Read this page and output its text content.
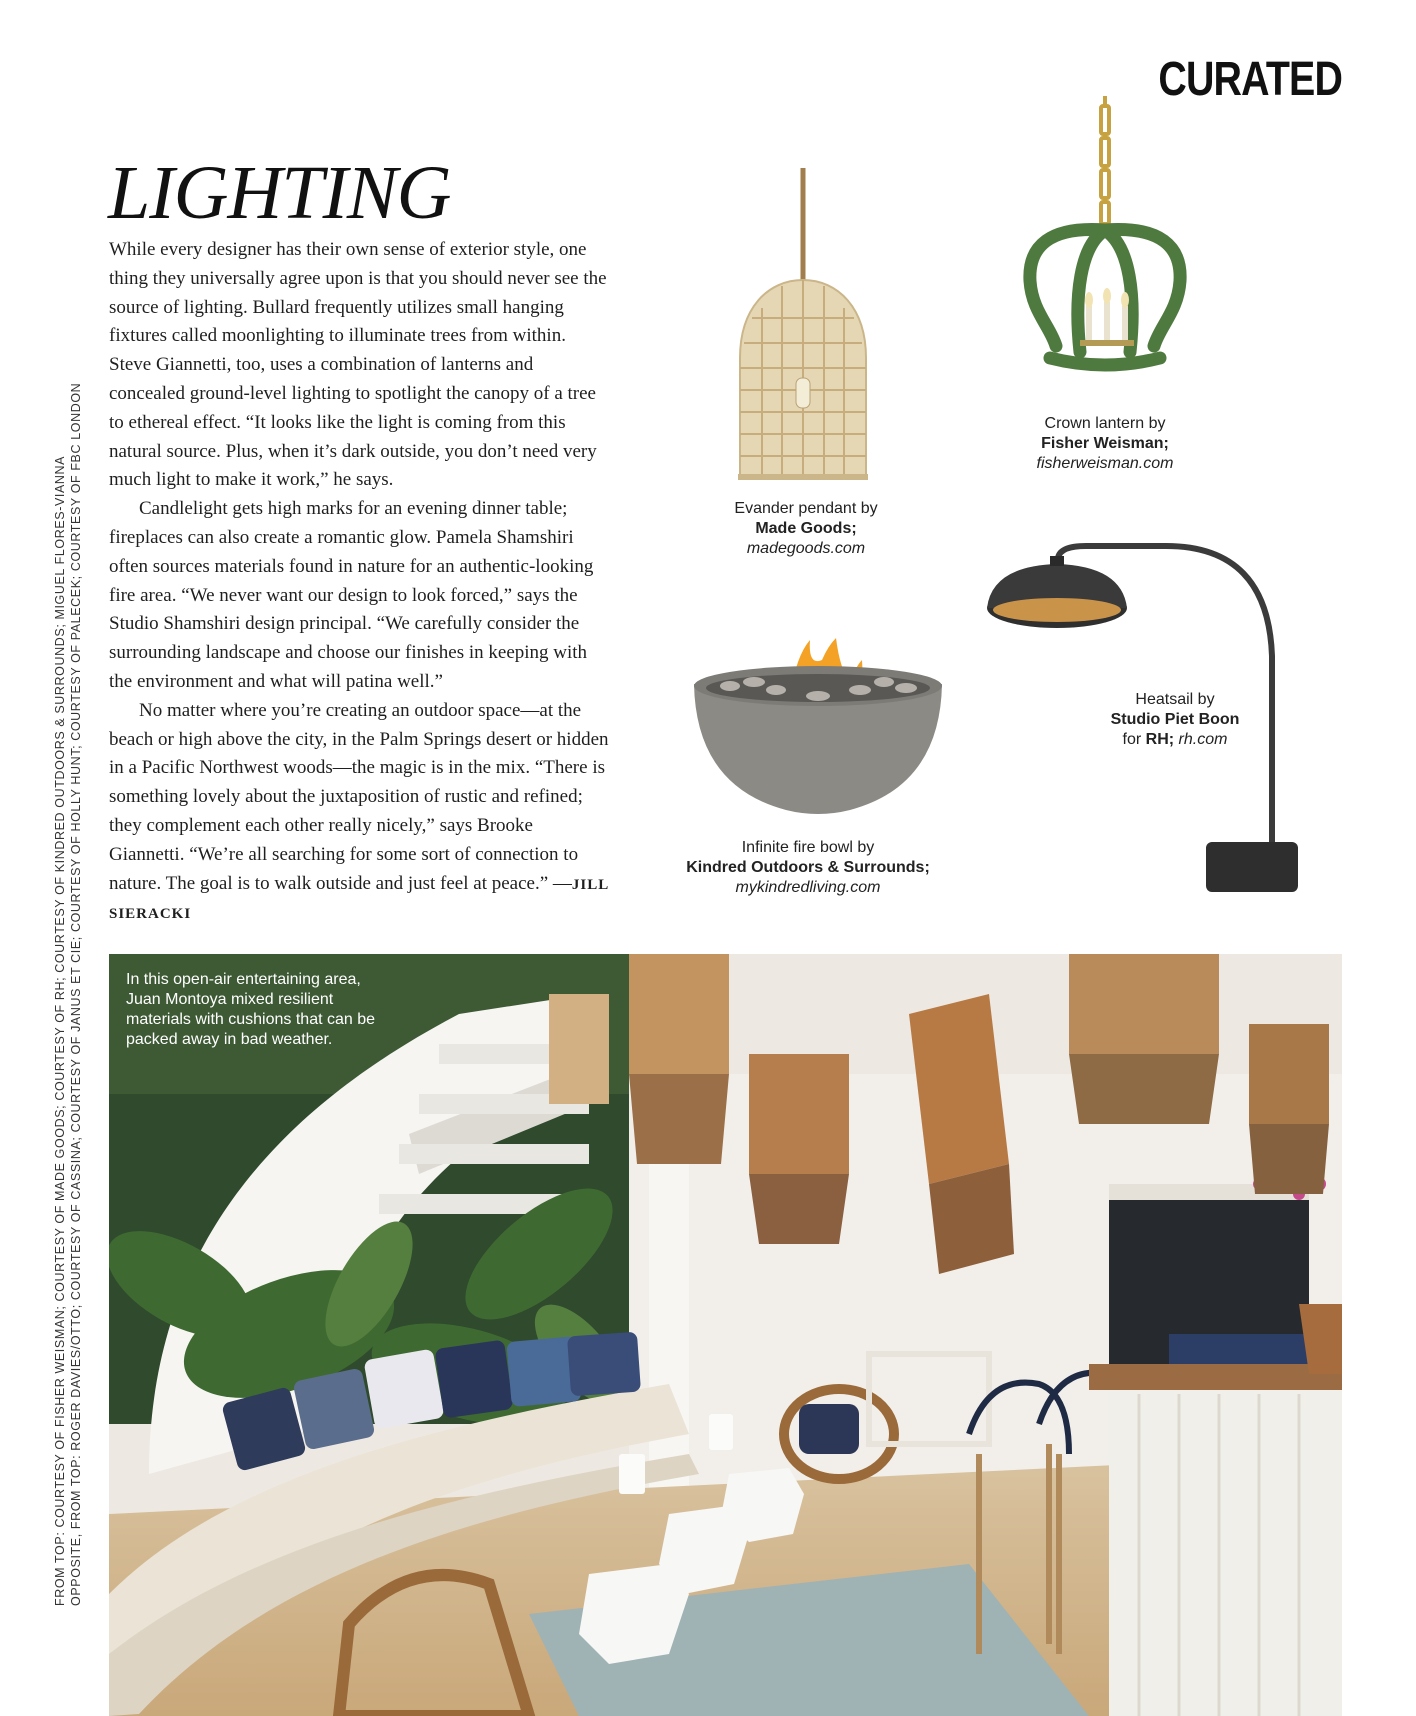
CURATED
FROM TOP: COURTESY OF FISHER WEISMAN; COURTESY OF MADE GOODS; COURTESY OF RH; COURTESY OF KINDRED OUTDOORS & SURROUNDS; MIGUEL FLORES-VIANNA OPPOSITE, FROM TOP: ROGER DAVIES/OTTO; COURTESY OF CASSINA; COURTESY OF JANUS ET CIE; COURTESY OF HOLLY HUNT; COURTESY OF PALECEK; COURTESY OF FBC LONDON
LIGHTING

While every designer has their own sense of exterior style, one thing they universally agree upon is that you should never see the source of lighting. Bullard frequently utilizes small hanging fixtures called moonlighting to illuminate trees from within. Steve Giannetti, too, uses a combination of lanterns and concealed ground-level lighting to spotlight the canopy of a tree to ethereal effect. “It looks like the light is coming from this natural source. Plus, when it’s dark outside, you don’t need very much light to make it work,” he says.

Candlelight gets high marks for an evening dinner table; fireplaces can also create a romantic glow. Pamela Shamshiri often sources materials found in nature for an authentic-looking fire area. “We never want our design to look forced,” says the Studio Shamshiri design principal. “We carefully consider the surrounding landscape and choose our finishes in keeping with the environment and what will patina well.”

No matter where you’re creating an outdoor space—at the beach or high above the city, in the Palm Springs desert or hidden in a Pacific Northwest woods—the magic is in the mix. “There is something lovely about the juxtaposition of rustic and refined; they complement each other really nicely,” says Brooke Giannetti. “We’re all searching for some sort of connection to nature. The goal is to walk outside and just feel at peace.” —JILL SIERACKI

Crown lantern by
Fisher Weisman;
fisherweisman.com
Evander pendant by
Made Goods;
madegoods.com
Heatsail by
Studio Piet Boon
for RH; rh.com
Infinite fire bowl by
Kindred Outdoors & Surrounds;
mykindredliving.com
In this open-air entertaining area, Juan Montoya mixed resilient materials with cushions that can be packed away in bad weather.
